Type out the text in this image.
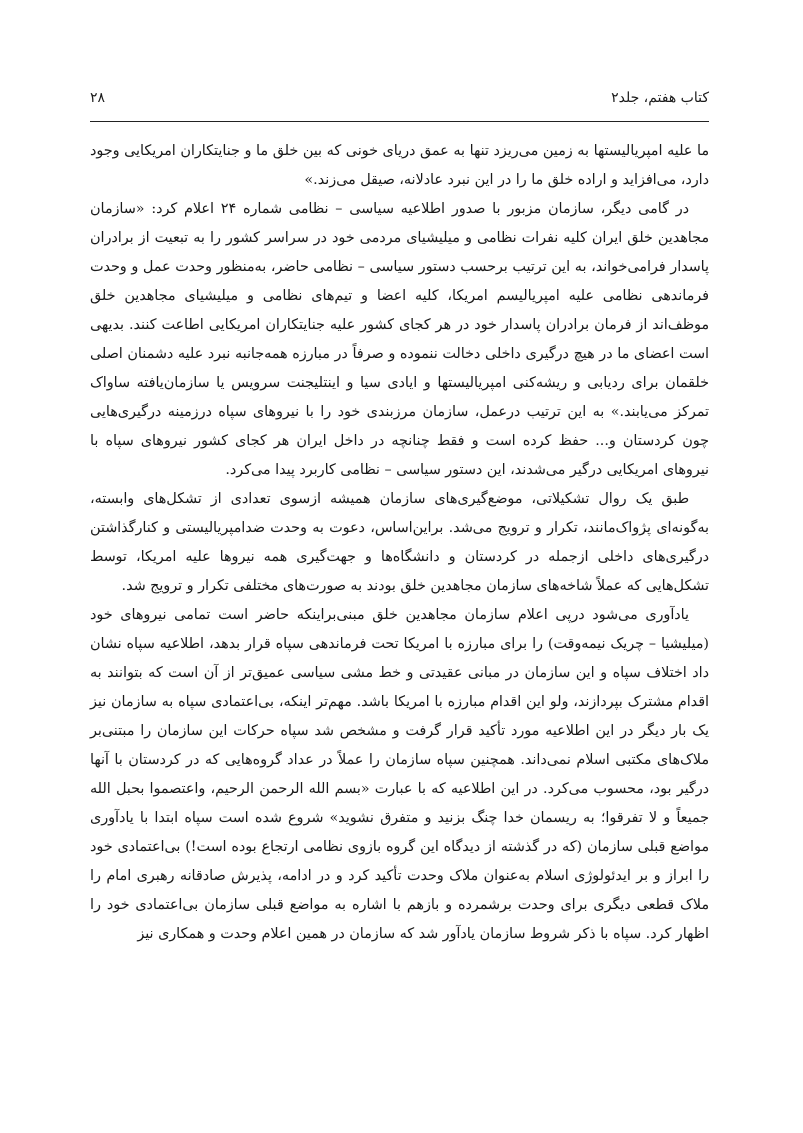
کتاب هفتم، جلد۲
۲۸

ما علیه امپریالیستها به زمین می‌ریزد تنها به عمق دریای خونی که بین خلق ما و جنایتکاران امریکایی وجود دارد، می‌افزاید و اراده خلق ما را در این نبرد عادلانه، صیقل می‌زند.»

در گامی دیگر، سازمان مزبور با صدور اطلاعیه سیاسی – نظامی شماره ۲۴ اعلام کرد: «سازمان مجاهدین خلق ایران کلیه نفرات نظامی و میلیشیای مردمی خود در سراسر کشور را به تبعیت از برادران پاسدار فرامی‌خواند، به این ترتیب برحسب دستور سیاسی – نظامی حاضر، به‌منظور وحدت عمل و وحدت فرماندهی نظامی علیه امپریالیسم امریکا، کلیه اعضا و تیم‌های نظامی و میلیشیای مجاهدین خلق موظف‌اند از فرمان برادران پاسدار خود در هر کجای کشور علیه جنایتکاران امریکایی اطاعت کنند. بدیهی است اعضای ما در هیچ درگیری داخلی دخالت ننموده و صرفاً در مبارزه همه‌جانبه نبرد علیه دشمنان اصلی خلقمان برای ردیابی و ریشه‌کنی امپریالیستها و ایادی سیا و اینتلیجنت سرویس یا سازمان‌یافته ساواک تمرکز می‌یابند.» به این ترتیب درعمل، سازمان مرزبندی خود را با نیروهای سپاه درزمینه درگیری‌هایی چون کردستان و... حفظ کرده است و فقط چنانچه در داخل ایران هر کجای کشور نیروهای سپاه با نیروهای امریکایی درگیر می‌شدند، این دستور سیاسی – نظامی کاربرد پیدا می‌کرد.

طبق یک روال تشکیلاتی، موضع‌گیری‌های سازمان همیشه ازسوی تعدادی از تشکل‌های وابسته، به‌گونه‌ای پژواک‌مانند، تکرار و ترویج می‌شد. براین‌اساس، دعوت به وحدت ضدامپریالیستی و کنارگذاشتن درگیری‌های داخلی ازجمله در کردستان و دانشگاه‌ها و جهت‌گیری همه نیروها علیه امریکا، توسط تشکل‌هایی که عملاً شاخه‌های سازمان مجاهدین خلق بودند به صورت‌های مختلفی تکرار و ترویج شد.

یادآوری می‌شود درپی اعلام سازمان مجاهدین خلق مبنی‌براینکه حاضر است تمامی نیروهای خود (میلیشیا – چریک نیمه‌وقت) را برای مبارزه با امریکا تحت فرماندهی سپاه قرار بدهد، اطلاعیه سپاه نشان داد اختلاف سپاه و این سازمان در مبانی عقیدتی و خط مشی سیاسی عمیق‌تر از آن است که بتوانند به اقدام مشترک بپردازند، ولو این اقدام مبارزه با امریکا باشد. مهم‌تر اینکه، بی‌اعتمادی سپاه به سازمان نیز یک بار دیگر در این اطلاعیه مورد تأکید قرار گرفت و مشخص شد سپاه حرکات این سازمان را مبتنی‌بر ملاک‌های مکتبی اسلام نمی‌داند. همچنین سپاه سازمان را عملاً در عداد گروه‌هایی که در کردستان با آنها درگیر بود، محسوب می‌کرد. در این اطلاعیه که با عبارت «بسم الله الرحمن الرحیم، واعتصموا بحبل الله جمیعاً و لا تفرقوا؛ به ریسمان خدا چنگ بزنید و متفرق نشوید» شروع شده است سپاه ابتدا با یادآوری مواضع قبلی سازمان (که در گذشته از دیدگاه این گروه بازوی نظامی ارتجاع بوده است!) بی‌اعتمادی خود را ابراز و بر ایدئولوژی اسلام به‌عنوان ملاک وحدت تأکید کرد و در ادامه، پذیرش صادقانه رهبری امام را ملاک قطعی دیگری برای وحدت برشمرده و بازهم با اشاره به مواضع قبلی سازمان بی‌اعتمادی خود را اظهار کرد. سپاه با ذکر شروط سازمان یادآور شد که سازمان در همین اعلام وحدت و همکاری نیز
